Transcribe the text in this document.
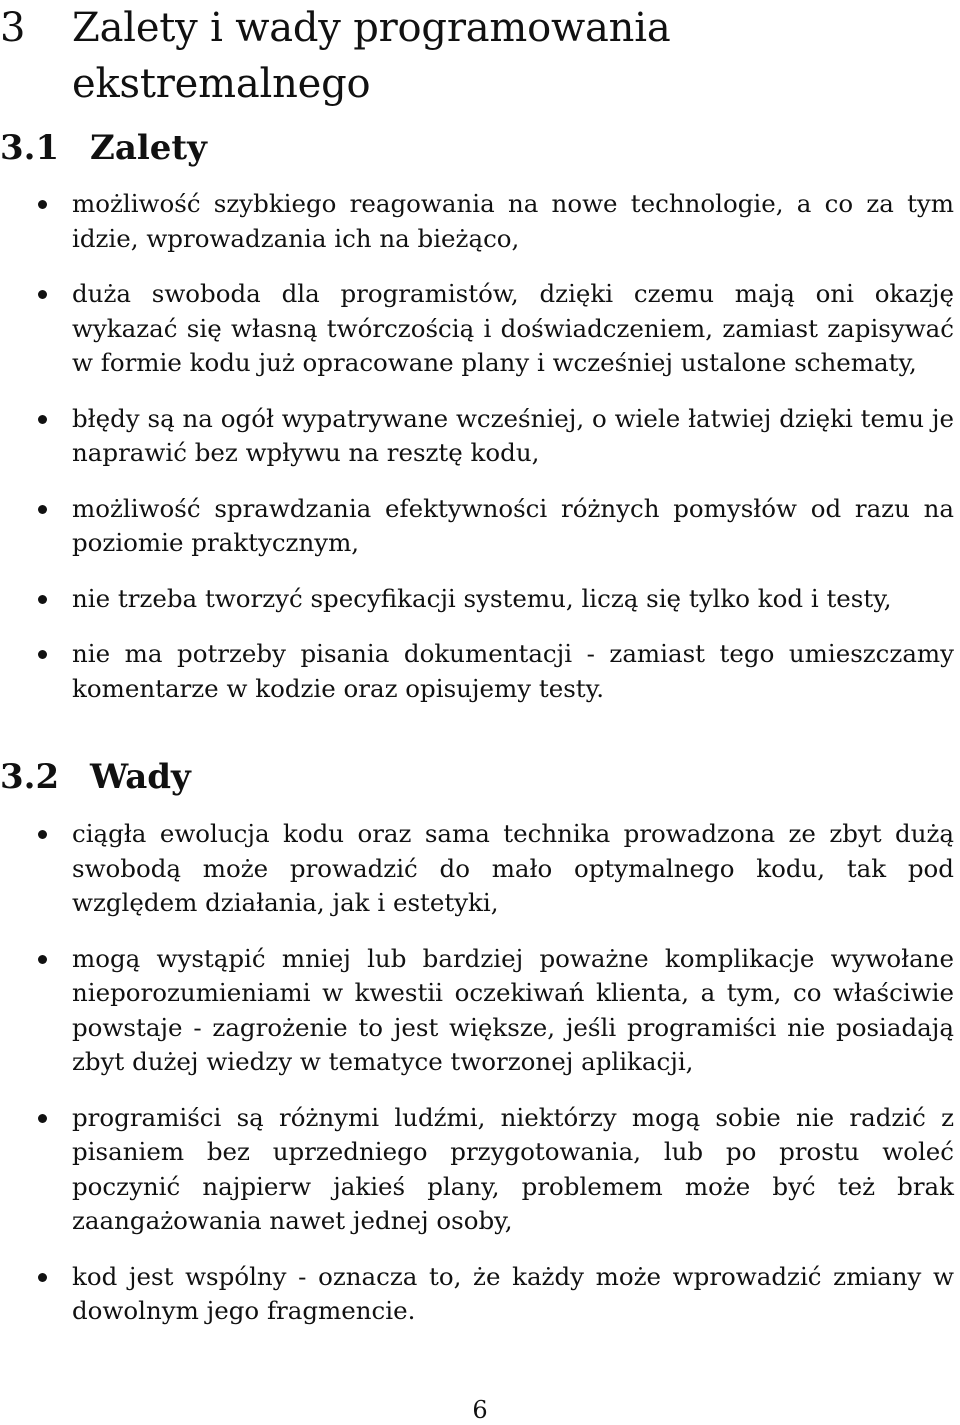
3	Zalety i wady programowania ekstremalnego
3.1 Zalety
możliwość szybkiego reagowania na nowe technologie, a co za tym idzie, wprowadzania ich na bieżąco,
duża swoboda dla programistów, dzięki czemu mają oni okazję wykazać się własną twórczością i doświadczeniem, zamiast zapisywać w formie kodu już opracowane plany i wcześniej ustalone schematy,
błędy są na ogół wypatrywane wcześniej, o wiele łatwiej dzięki temu je naprawić bez wpływu na resztę kodu,
możliwość sprawdzania efektywności różnych pomysłów od razu na poziomie praktycznym,
nie trzeba tworzyć specyfikacji systemu, liczą się tylko kod i testy,
nie ma potrzeby pisania dokumentacji - zamiast tego umieszczamy komentarze w kodzie oraz opisujemy testy.
3.2 Wady
ciągła ewolucja kodu oraz sama technika prowadzona ze zbyt dużą swobodą może prowadzić do mało optymalnego kodu, tak pod względem działania, jak i estetyki,
mogą wystąpić mniej lub bardziej poważne komplikacje wywołane nieporozumieniami w kwestii oczekiwań klienta, a tym, co właściwie powstaje - zagrożenie to jest większe, jeśli programiści nie posiadają zbyt dużej wiedzy w tematyce tworzonej aplikacji,
programiści są różnymi ludźmi, niektórzy mogą sobie nie radzić z pisaniem bez uprzedniego przygotowania, lub po prostu woleć poczynić najpierw jakieś plany, problemem może być też brak zaangażowania nawet jednej osoby,
kod jest wspólny - oznacza to, że każdy może wprowadzić zmiany w dowolnym jego fragmencie.
6
